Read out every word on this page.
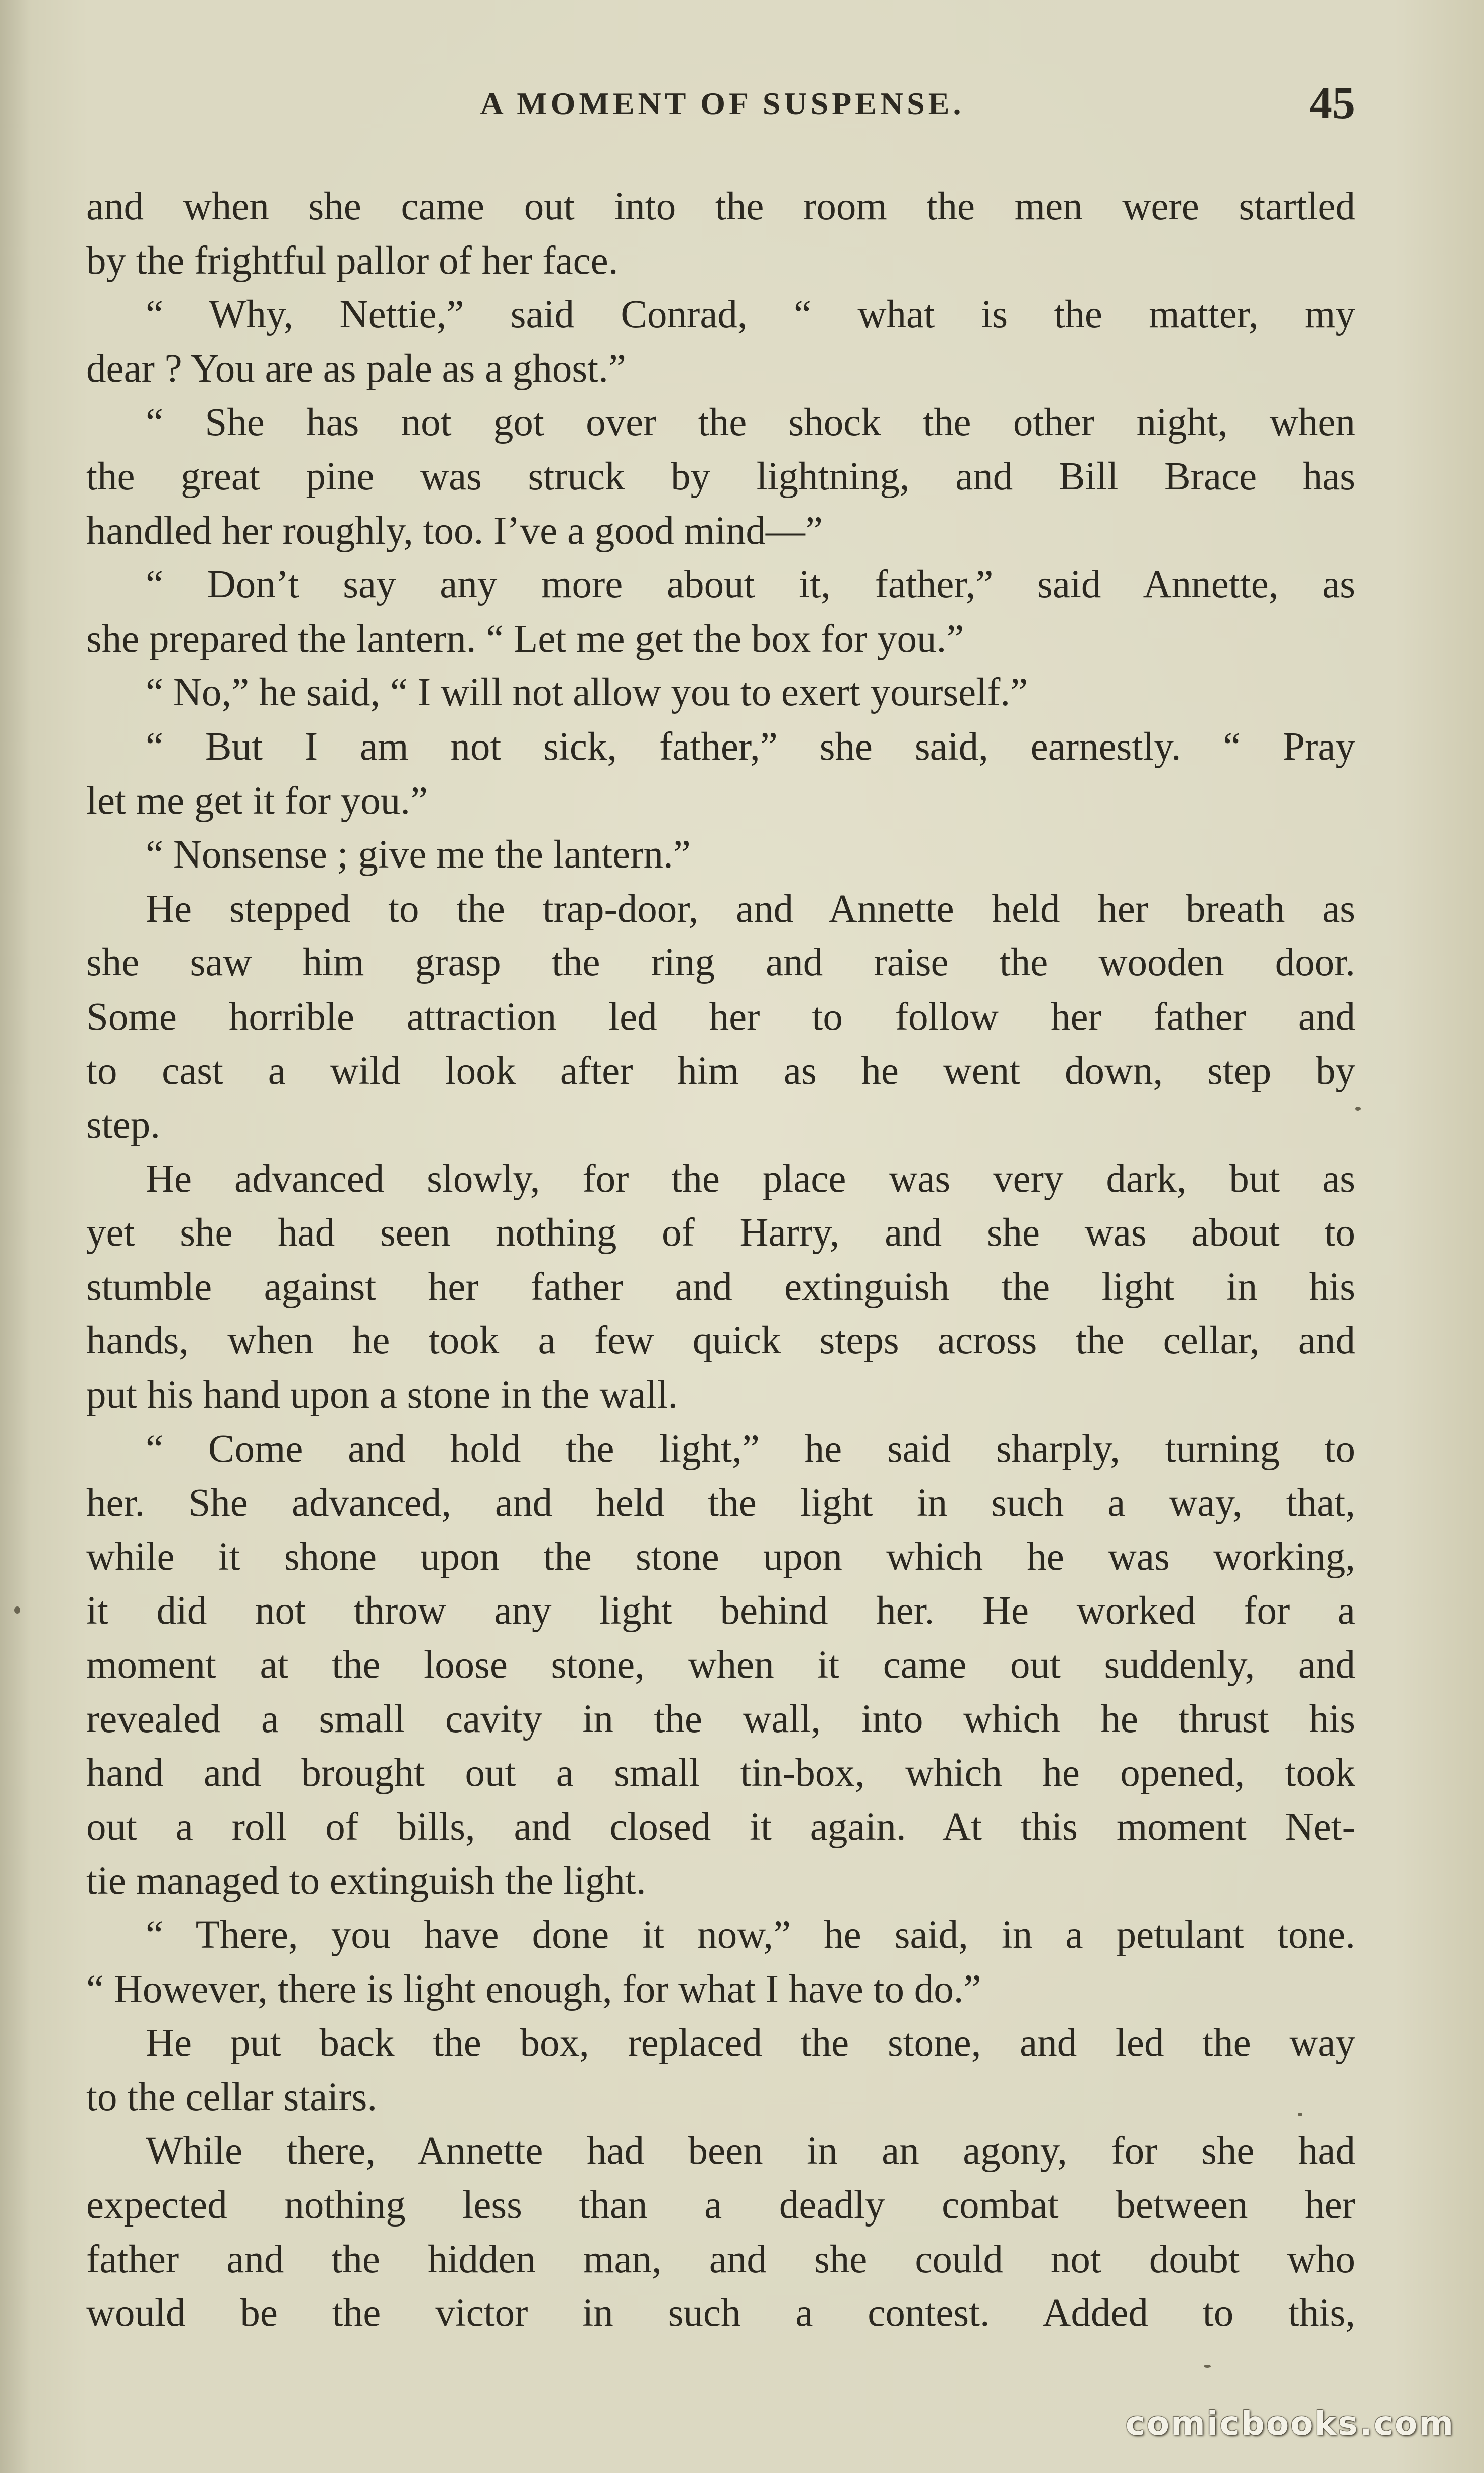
A MOMENT OF SUSPENSE.	45
and when she came out into the room the men were startled
by the frightful pallor of her face.
“ Why, Nettie,” said Conrad, “ what is the matter, my
dear ? You are as pale as a ghost.”
“ She has not got over the shock the other night, when
the great pine was struck by lightning, and Bill Brace has
handled her roughly, too. I’ve a good mind—”
“ Don’t say any more about it, father,” said Annette, as
she prepared the lantern. “ Let me get the box for you.”
“ No,” he said, “ I will not allow you to exert yourself.”
“ But I am not sick, father,” she said, earnestly. “ Pray
let me get it for you.”
“ Nonsense ; give me the lantern.”
He stepped to the trap-door, and Annette held her breath as
she saw him grasp the ring and raise the wooden door.
Some horrible attraction led her to follow her father and
to cast a wild look after him as he went down, step by
step.
He advanced slowly, for the place was very dark, but as
yet she had seen nothing of Harry, and she was about to
stumble against her father and extinguish the light in his
hands, when he took a few quick steps across the cellar, and
put his hand upon a stone in the wall.
“ Come and hold the light,” he said sharply, turning to
her. She advanced, and held the light in such a way, that,
while it shone upon the stone upon which he was working,
it did not throw any light behind her. He worked for a
moment at the loose stone, when it came out suddenly, and
revealed a small cavity in the wall, into which he thrust his
hand and brought out a small tin-box, which he opened, took
out a roll of bills, and closed it again. At this moment Net-
tie managed to extinguish the light.
“ There, you have done it now,” he said, in a petulant tone.
“ However, there is light enough, for what I have to do.”
He put back the box, replaced the stone, and led the way
to the cellar stairs.
While there, Annette had been in an agony, for she had
expected nothing less than a deadly combat between her
father and the hidden man, and she could not doubt who
would be the victor in such a contest. Added to this,
comicbooks.com
